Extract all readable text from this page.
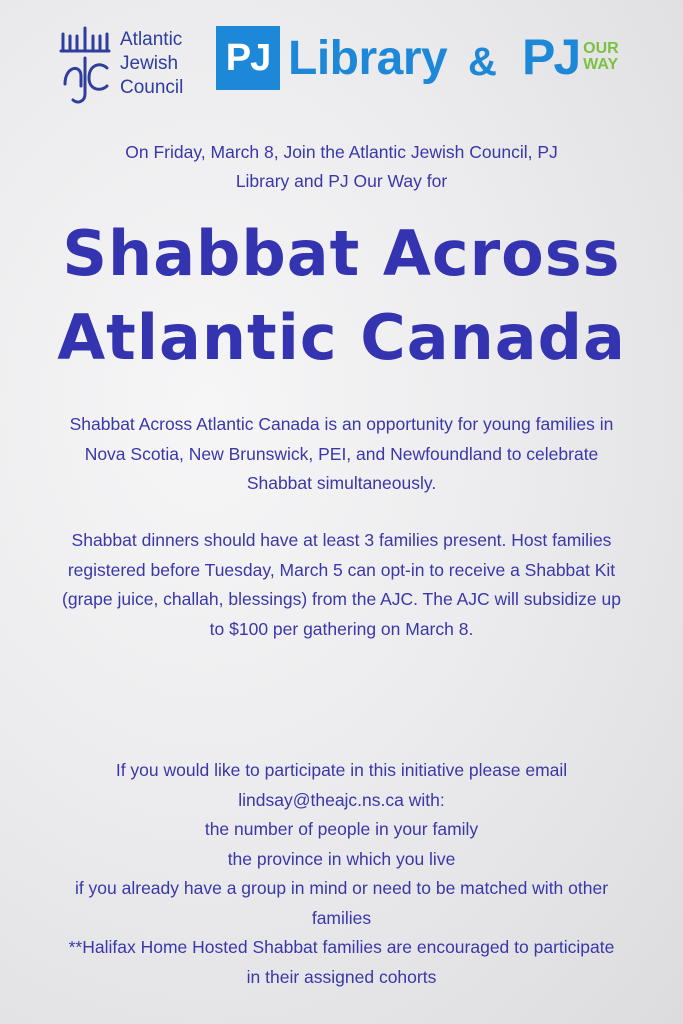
Atlantic
Jewish
Council
PJ Library & PJ OUR
WAY
On Friday, March 8, Join the Atlantic Jewish Council, PJ Library and PJ Our Way for
Shabbat Across
Atlantic Canada
Shabbat Across Atlantic Canada is an opportunity for young families in Nova Scotia, New Brunswick, PEI, and Newfoundland to celebrate Shabbat simultaneously.
Shabbat dinners should have at least 3 families present. Host families registered before Tuesday, March 5 can opt-in to receive a Shabbat Kit (grape juice, challah, blessings) from the AJC. The AJC will subsidize up to $100 per gathering on March 8.
If you would like to participate in this initiative please email lindsay@theajc.ns.ca with:
the number of people in your family
the province in which you live
if you already have a group in mind or need to be matched with other families
**Halifax Home Hosted Shabbat families are encouraged to participate in their assigned cohorts
